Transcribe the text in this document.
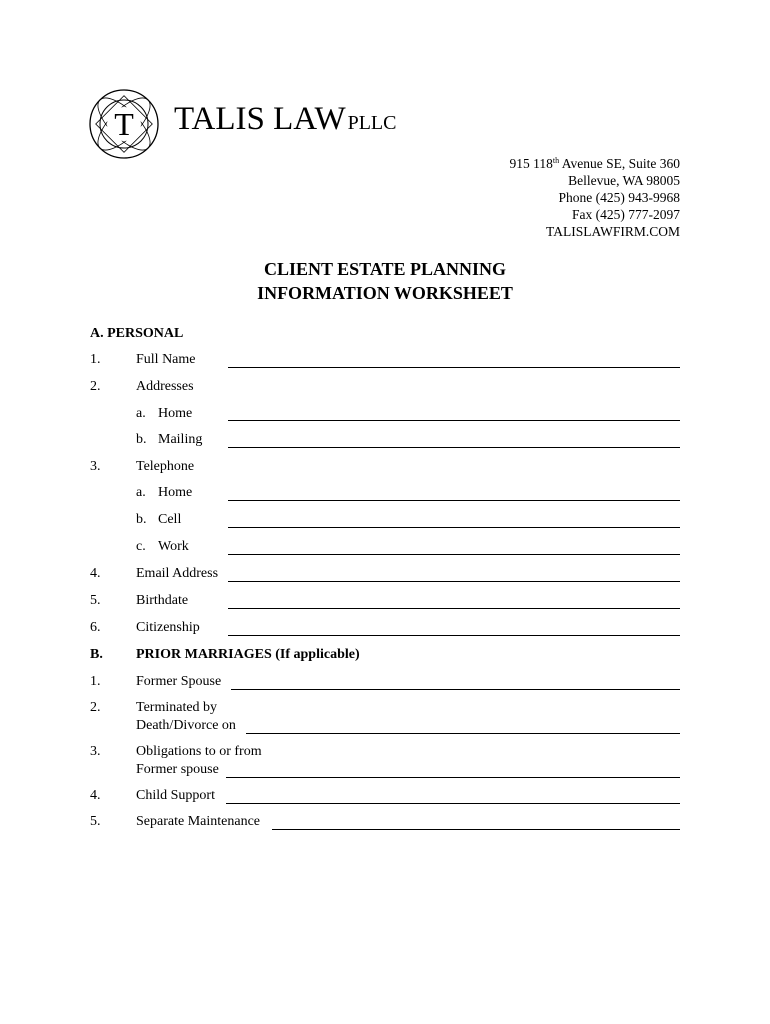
T TALIS LAW PLLC
915 118th Avenue SE, Suite 360
Bellevue, WA 98005
Phone (425) 943-9968
Fax (425) 777-2097
TALISLAWFIRM.COM
CLIENT ESTATE PLANNING
INFORMATION WORKSHEET
A. PERSONAL
1.	Full Name
2.	Addresses
a. Home
b. Mailing
3.	Telephone
a. Home
b. Cell
c. Work
4.	Email Address
5.	Birthdate
6.	Citizenship
B. PRIOR MARRIAGES (If applicable)
1.	Former Spouse
2.	Terminated by
Death/Divorce on
3.	Obligations to or from
Former spouse
4.	Child Support
5.	Separate Maintenance
